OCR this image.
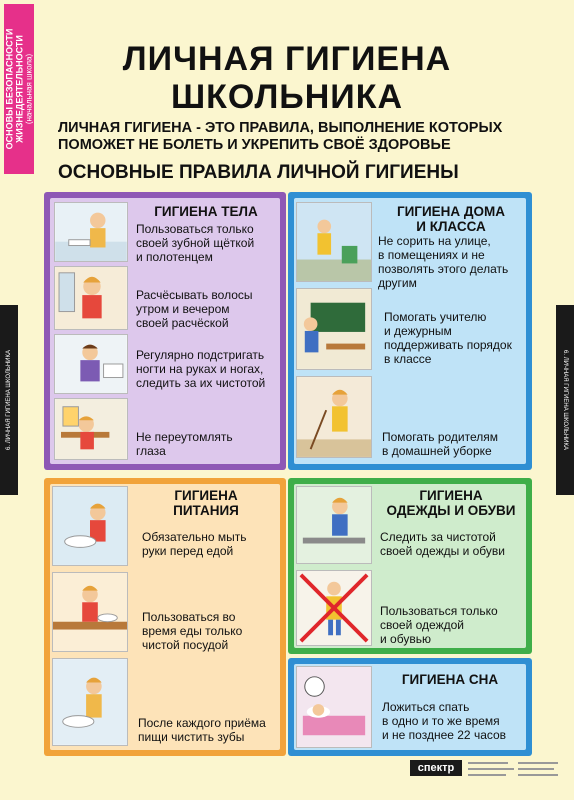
ОСНОВЫ БЕЗОПАСНОСТИ
ЖИЗНЕДЕЯТЕЛЬНОСТИ (начальная школа)
6. ЛИЧНАЯ ГИГИЕНА ШКОЛЬНИКА	6. ЛИЧНАЯ ГИГИЕНА ШКОЛЬНИКА
ЛИЧНАЯ ГИГИЕНА
ШКОЛЬНИКА
ЛИЧНАЯ ГИГИЕНА - ЭТО ПРАВИЛА, ВЫПОЛНЕНИЕ КОТОРЫХ
ПОМОЖЕТ НЕ БОЛЕТЬ И УКРЕПИТЬ СВОЁ ЗДОРОВЬЕ
ОСНОВНЫЕ ПРАВИЛА ЛИЧНОЙ ГИГИЕНЫ
ГИГИЕНА ТЕЛА
Пользоваться только
своей зубной щёткой
и полотенцем
Расчёсывать волосы
утром и вечером
своей расчёской
Регулярно подстригать
ногти на руках и ногах,
следить за их чистотой
Не переутомлять
глаза
ГИГИЕНА ДОМА
И КЛАССА
Не сорить на улице,
в помещениях и не
позволять этого делать
другим
Помогать учителю
и дежурным
поддерживать порядок
в классе
Помогать родителям
в домашней уборке
ГИГИЕНА
ПИТАНИЯ
Обязательно мыть
руки перед едой
Пользоваться во
время еды только
чистой посудой
После каждого приёма
пищи чистить зубы
ГИГИЕНА
ОДЕЖДЫ И ОБУВИ
Следить за чистотой
своей одежды и обуви
Пользоваться только
своей одеждой
и обувью
ГИГИЕНА СНА
Ложиться спать
в одно и то же время
и не позднее 22 часов
спектр
